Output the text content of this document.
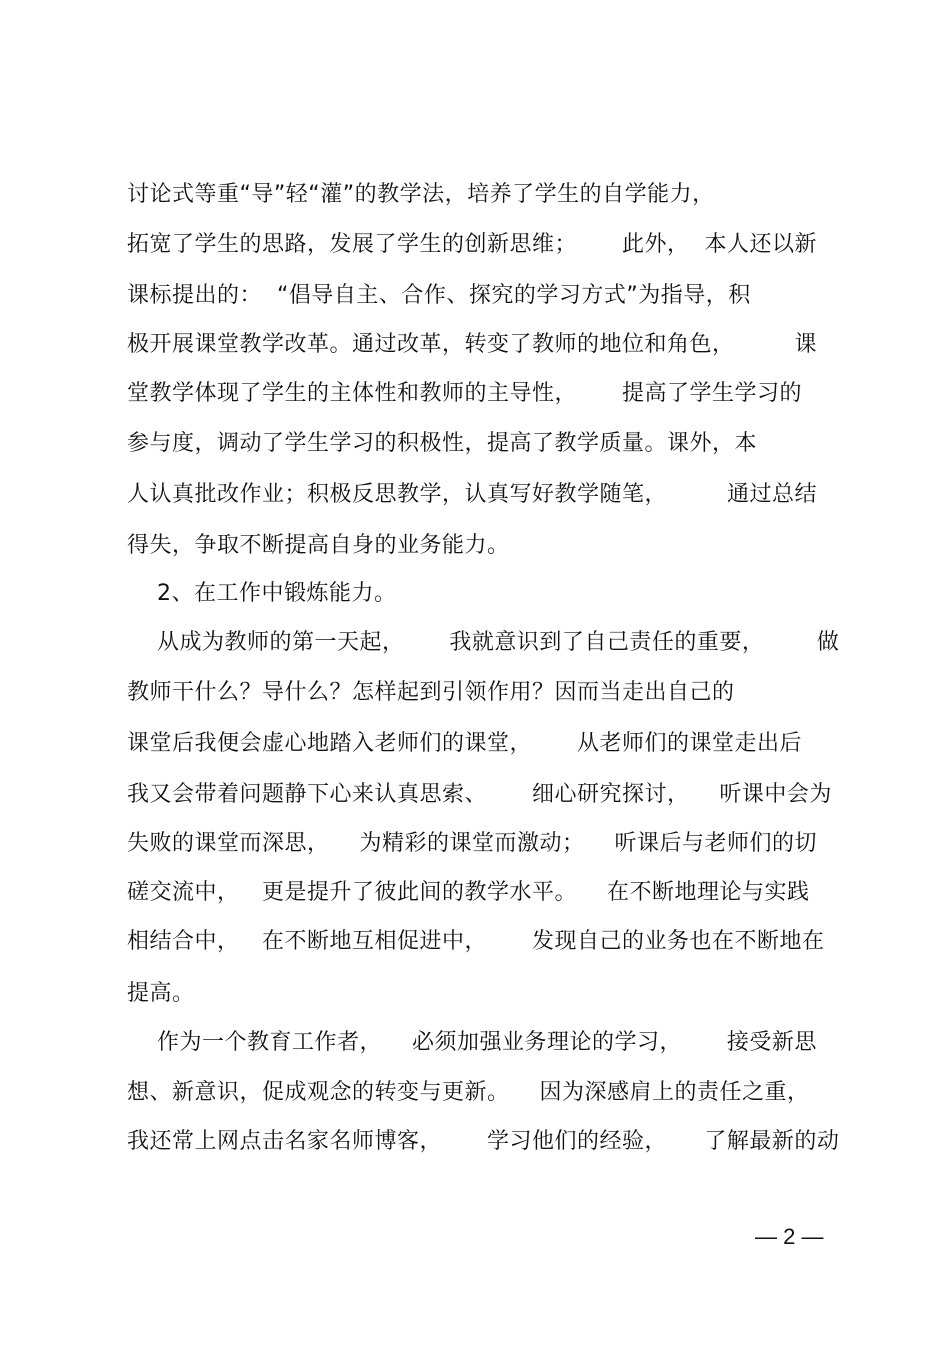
讨论式等重“导”轻“灌”的教学法，培养了学生的自学能力，
拓宽了学生的思路，发展了学生的创新思维；      此外，  本人还以新
课标提出的：  “倡导自主、合作、探究的学习方式”为指导，积
极开展课堂教学改革。通过改革，转变了教师的地位和角色，        课
堂教学体现了学生的主体性和教师的主导性，      提高了学生学习的
参与度，调动了学生学习的积极性，提高了教学质量。课外，本
人认真批改作业；积极反思教学，认真写好教学随笔，        通过总结
得失，争取不断提高自身的业务能力。
2、在工作中锻炼能力。
从成为教师的第一天起，      我就意识到了自己责任的重要，       做
教师干什么？导什么？怎样起到引领作用？因而当走出自己的
课堂后我便会虚心地踏入老师们的课堂，      从老师们的课堂走出后
我又会带着问题静下心来认真思索、      细心研究探讨，    听课中会为
失败的课堂而深思，    为精彩的课堂而激动；    听课后与老师们的切
磋交流中，   更是提升了彼此间的教学水平。    在不断地理论与实践
相结合中，   在不断地互相促进中，      发现自己的业务也在不断地在
提高。
作为一个教育工作者，    必须加强业务理论的学习，      接受新思
想、新意识，促成观念的转变与更新。    因为深感肩上的责任之重，
我还常上网点击名家名师博客，      学习他们的经验，     了解最新的动
— 2 —
